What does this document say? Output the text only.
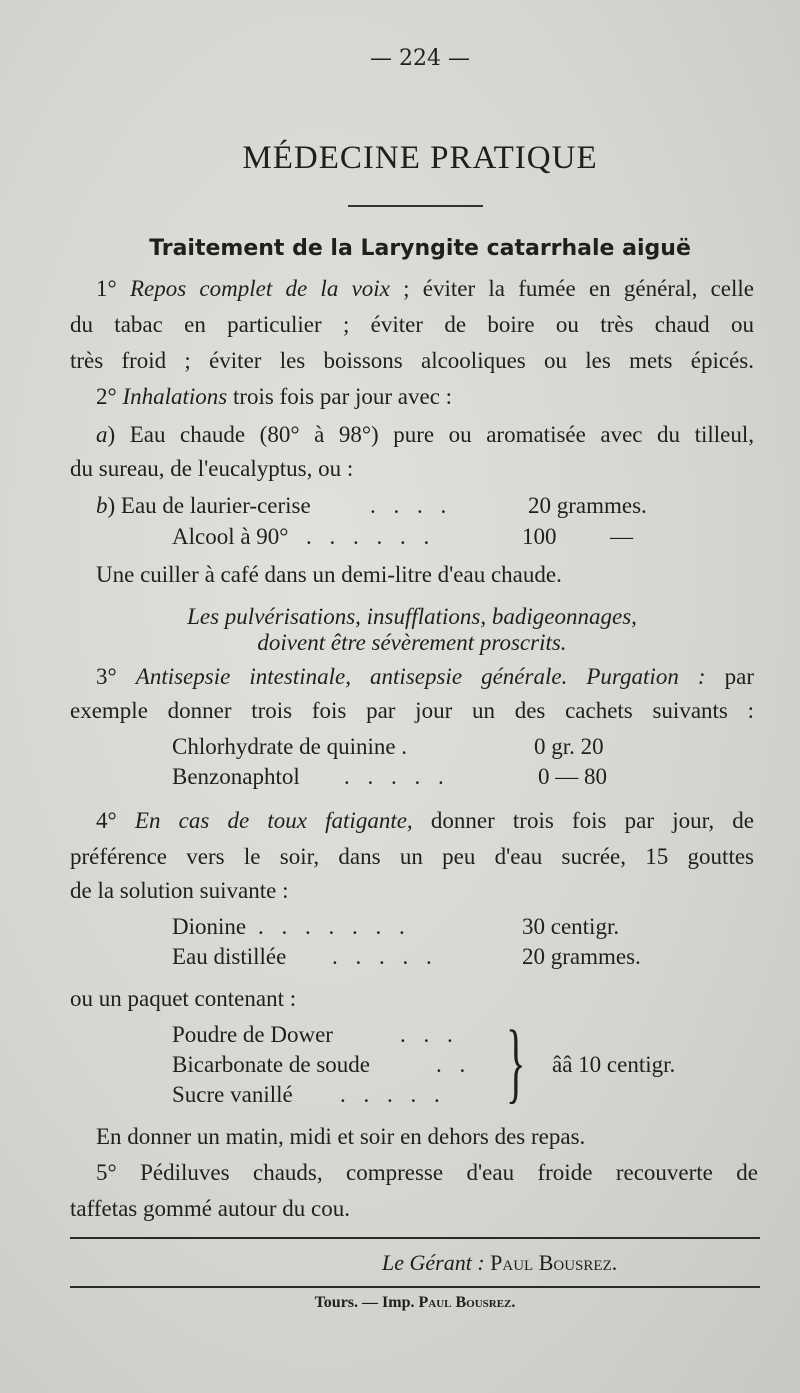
— 224 —
MÉDECINE PRATIQUE
Traitement de la Laryngite catarrhale aiguë
1° Repos complet de la voix ; éviter la fumée en général, celle
du tabac en particulier ; éviter de boire ou très chaud ou
très froid ; éviter les boissons alcooliques ou les mets épicés.
2° Inhalations trois fois par jour avec :
a) Eau chaude (80° à 98°) pure ou aromatisée avec du tilleul,
du sureau, de l'eucalyptus, ou :
b) Eau de laurier-cerise	. . . .	20 grammes.
Alcool à 90° . . . . . .	100 —
Une cuiller à café dans un demi-litre d'eau chaude.
Les pulvérisations, insufflations, badigeonnages,
doivent être sévèrement proscrits.
3° Antisepsie intestinale, antisepsie générale. Purgation : par
exemple donner trois fois par jour un des cachets suivants :
Chlorhydrate de quinine .	0 gr. 20
Benzonaphtol . . . . .	0 — 80
4° En cas de toux fatigante, donner trois fois par jour, de
préférence vers le soir, dans un peu d'eau sucrée, 15 gouttes
de la solution suivante :
Dionine . . . . . . .	30 centigr.
Eau distillée . . . . .	20 grammes.
ou un paquet contenant :
Poudre de Dower	. . .
Bicarbonate de soude	. .
Sucre vanillé . . . . . } ââ 10 centigr.
En donner un matin, midi et soir en dehors des repas.
5° Pédiluves chauds, compresse d'eau froide recouverte de
taffetas gommé autour du cou.
Le Gérant : Paul Bousrez.
Tours. — Imp. Paul Bousrez.
